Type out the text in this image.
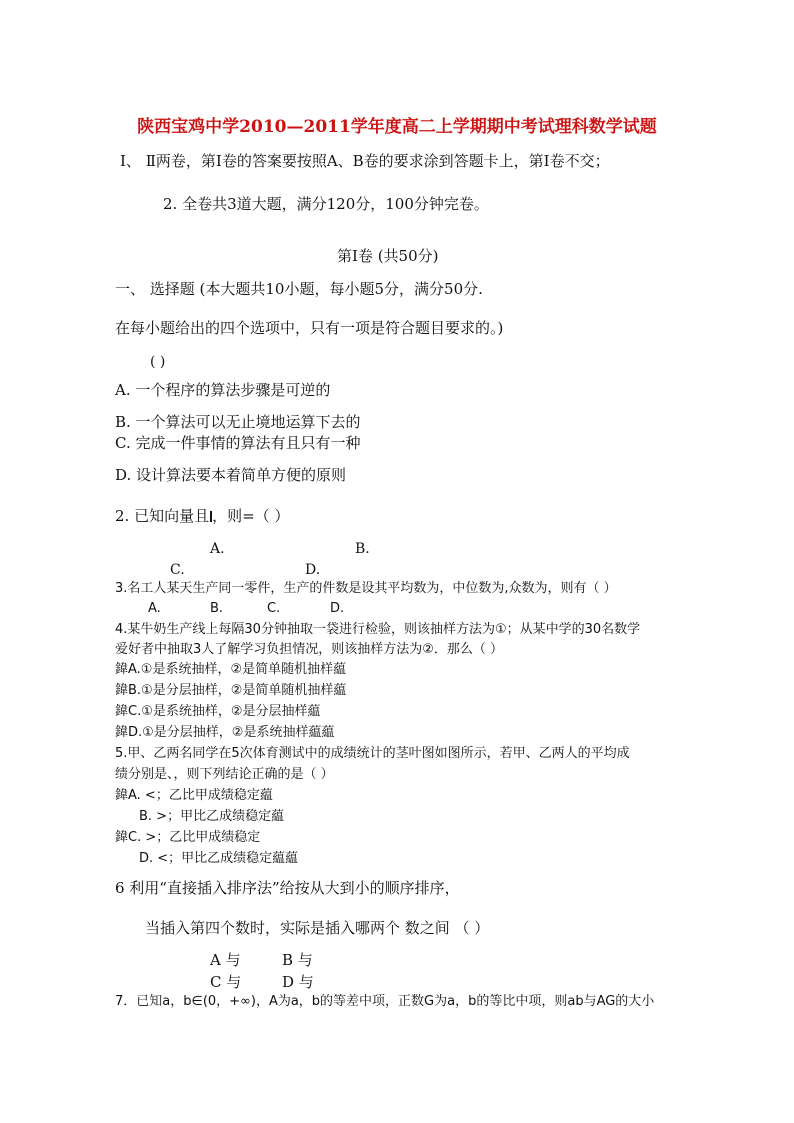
陕西宝鸡中学2010—2011学年度高二上学期期中考试理科数学试题
Ⅰ、 Ⅱ两卷，第Ⅰ卷的答案要按照A、B卷的要求涂到答题卡上，第Ⅰ卷不交；
2. 全卷共3道大题，满分120分，100分钟完卷。
第Ⅰ卷 (共50分)
一、 选择题 (本大题共10小题，每小题5分，满分50分.
在每小题给出的四个选项中，只有一项是符合题目要求的。)
( )
A. 一个程序的算法步骤是可逆的
B. 一个算法可以无止境地运算下去的
C. 完成一件事情的算法有且只有一种
D. 设计算法要本着简单方便的原则
2. 已知向量且 ，则=（ ）
A.	B.
C.	D.
3.名工人某天生产同一零件，生产的件数是设其平均数为，中位数为,众数为，则有（ ）
A.	B.	C.	D.
4.某牛奶生产线上每隔30分钟抽取一袋进行检验，则该抽样方法为①；从某中学的30名数学
爱好者中抽取3人了解学习负担情况，则该抽样方法为②．那么（ ）
鍏A.①是系统抽样，②是简单随机抽样藴
鍏B.①是分层抽样，②是简单随机抽样藴
鍏C.①是系统抽样，②是分层抽样藴
鍏D.①是分层抽样，②是系统抽样藴藴
5.甲、乙两名同学在5次体育测试中的成绩统计的茎叶图如图所示，若甲、乙两人的平均成
绩分别是、，则下列结论正确的是（ ）
鍏A. <；乙比甲成绩稳定藴
B. >；甲比乙成绩稳定藴
鍏C. >；乙比甲成绩稳定
D. <；甲比乙成绩稳定藴藴
6 利用“直接插入排序法”给按从大到小的顺序排序，
当插入第四个数时，实际是插入哪两个 数之间 （ ）
A 与	B 与
C 与	D 与
7．已知a，b∈(0，+∞)，A为a，b的等差中项，正数G为a，b的等比中项，则ab与AG的大小
